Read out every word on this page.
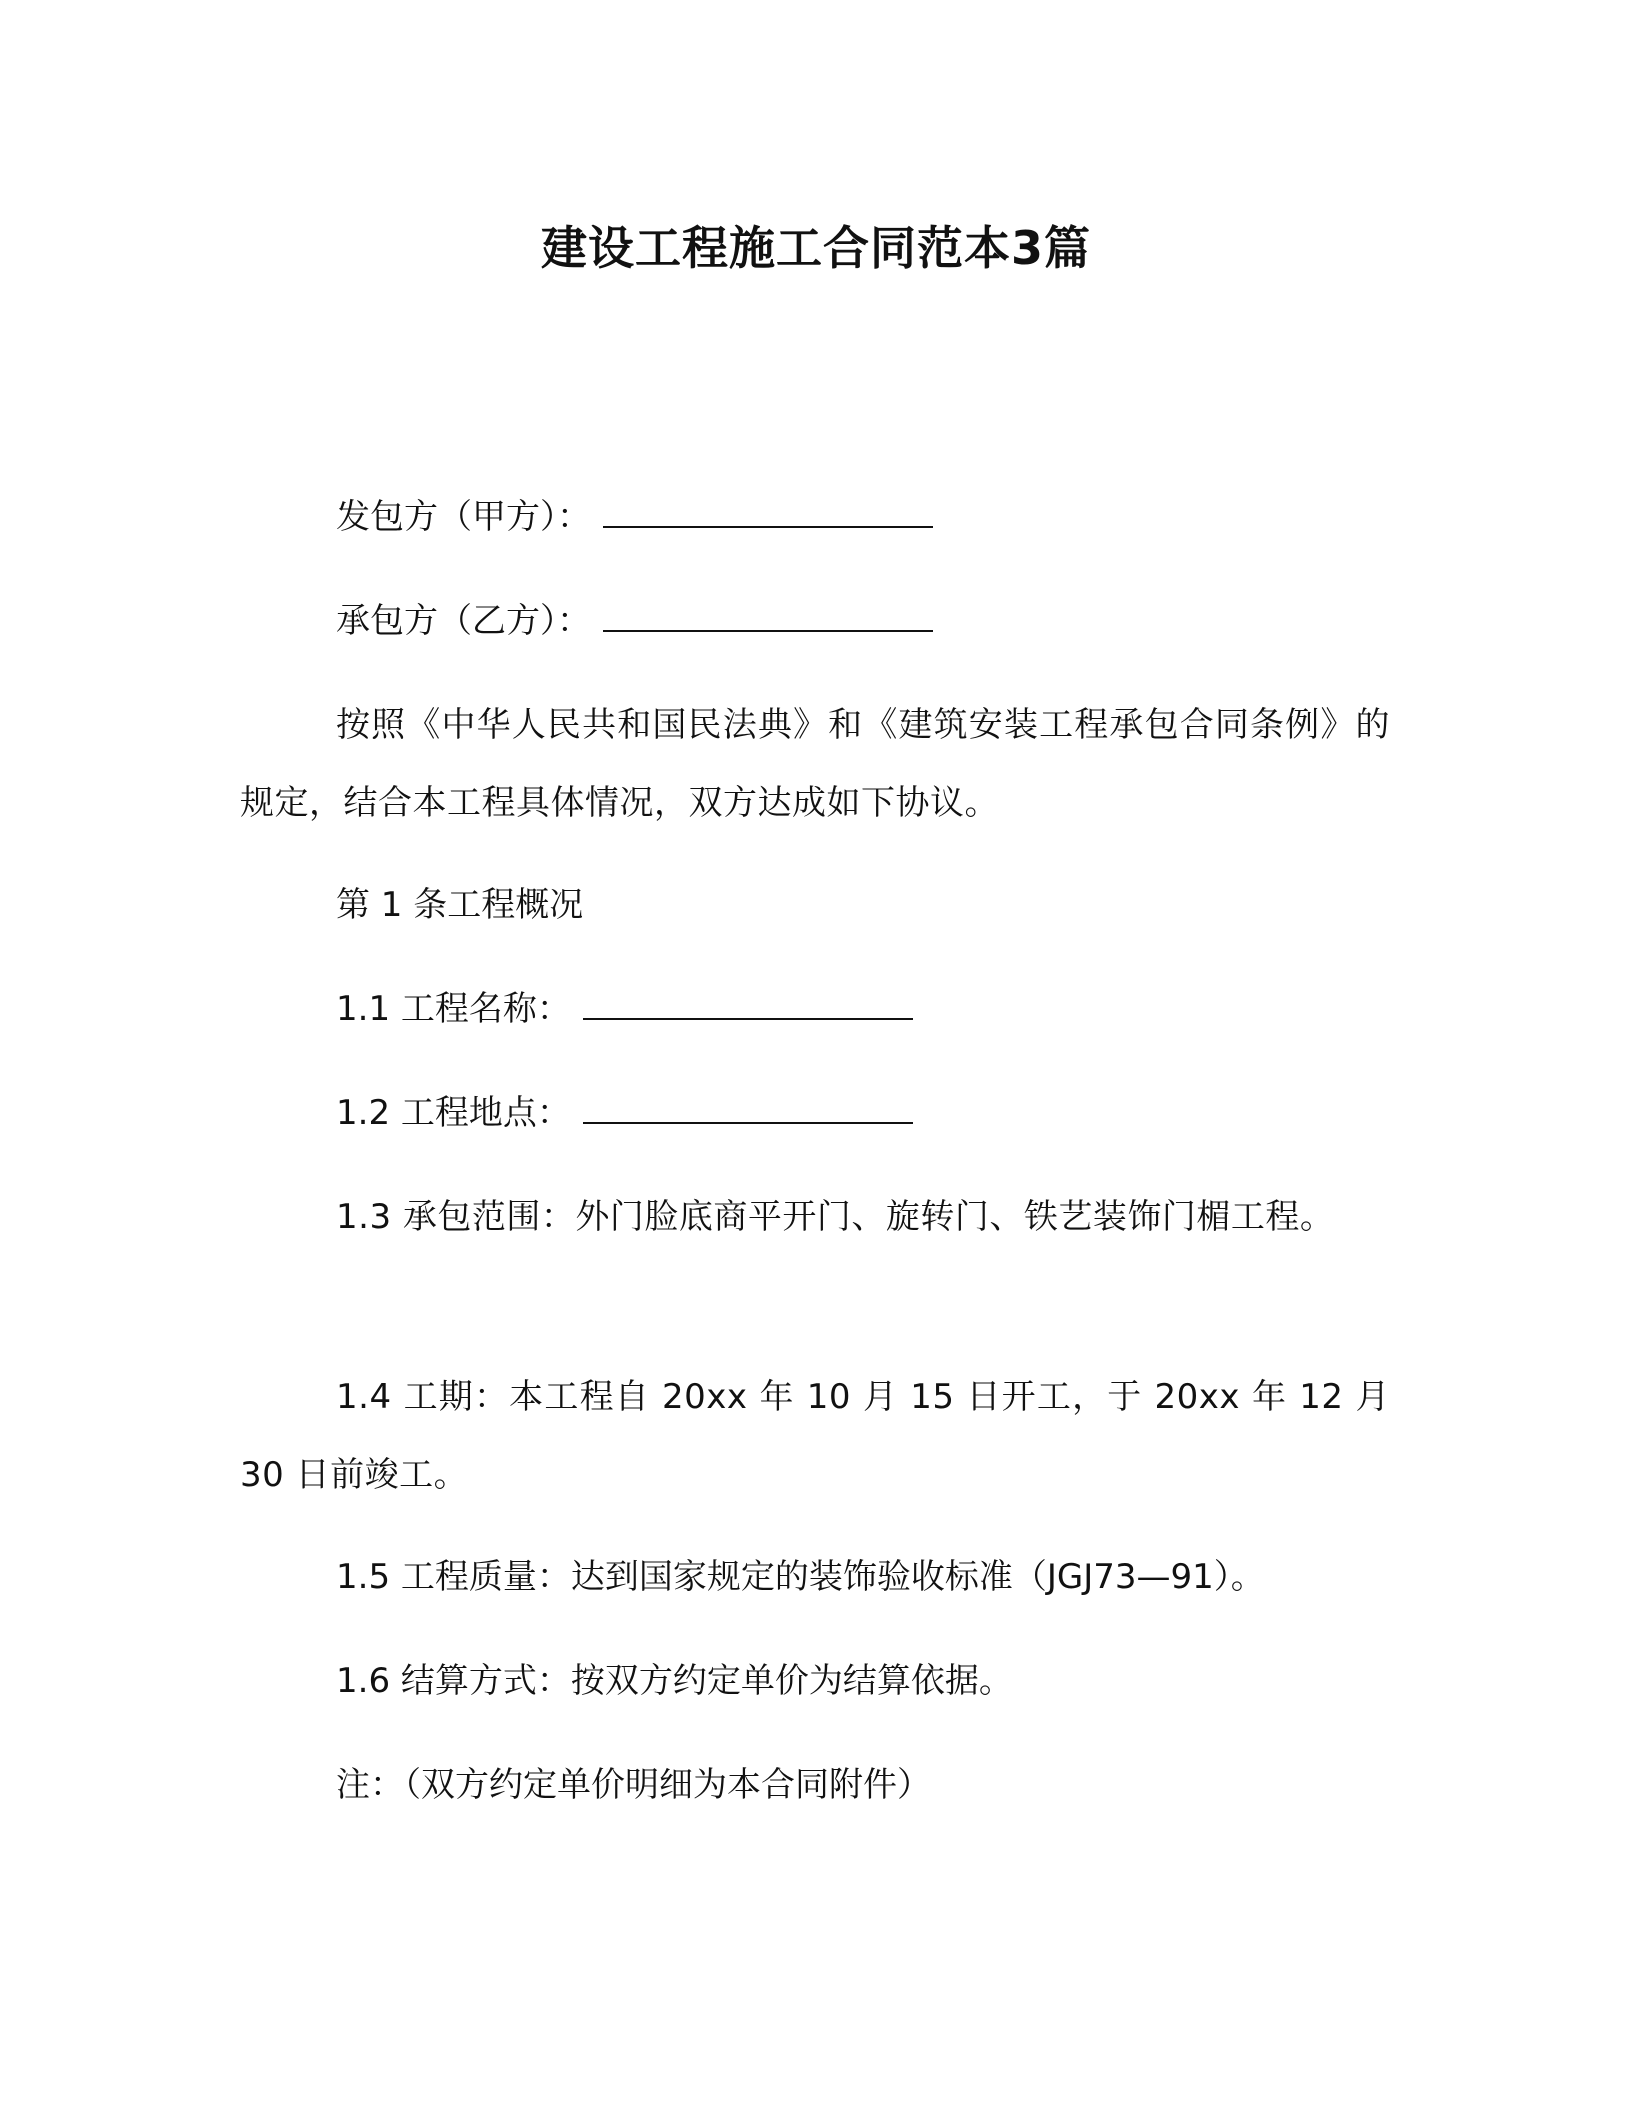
建设工程施工合同范本3篇

发包方（甲方）：

承包方（乙方）：

按照《中华人民共和国民法典》和《建筑安装工程承包合同条例》的规定，结合本工程具体情况，双方达成如下协议。

第 1 条工程概况

1.1 工程名称：

1.2 工程地点：

1.3 承包范围：外门脸底商平开门、旋转门、铁艺装饰门楣工程。

1.4 工期：本工程自 20xx 年 10 月 15 日开工，于 20xx 年 12 月 30 日前竣工。

1.5 工程质量：达到国家规定的装饰验收标准（JGJ73—91）。

1.6 结算方式：按双方约定单价为结算依据。

注：（双方约定单价明细为本合同附件）
